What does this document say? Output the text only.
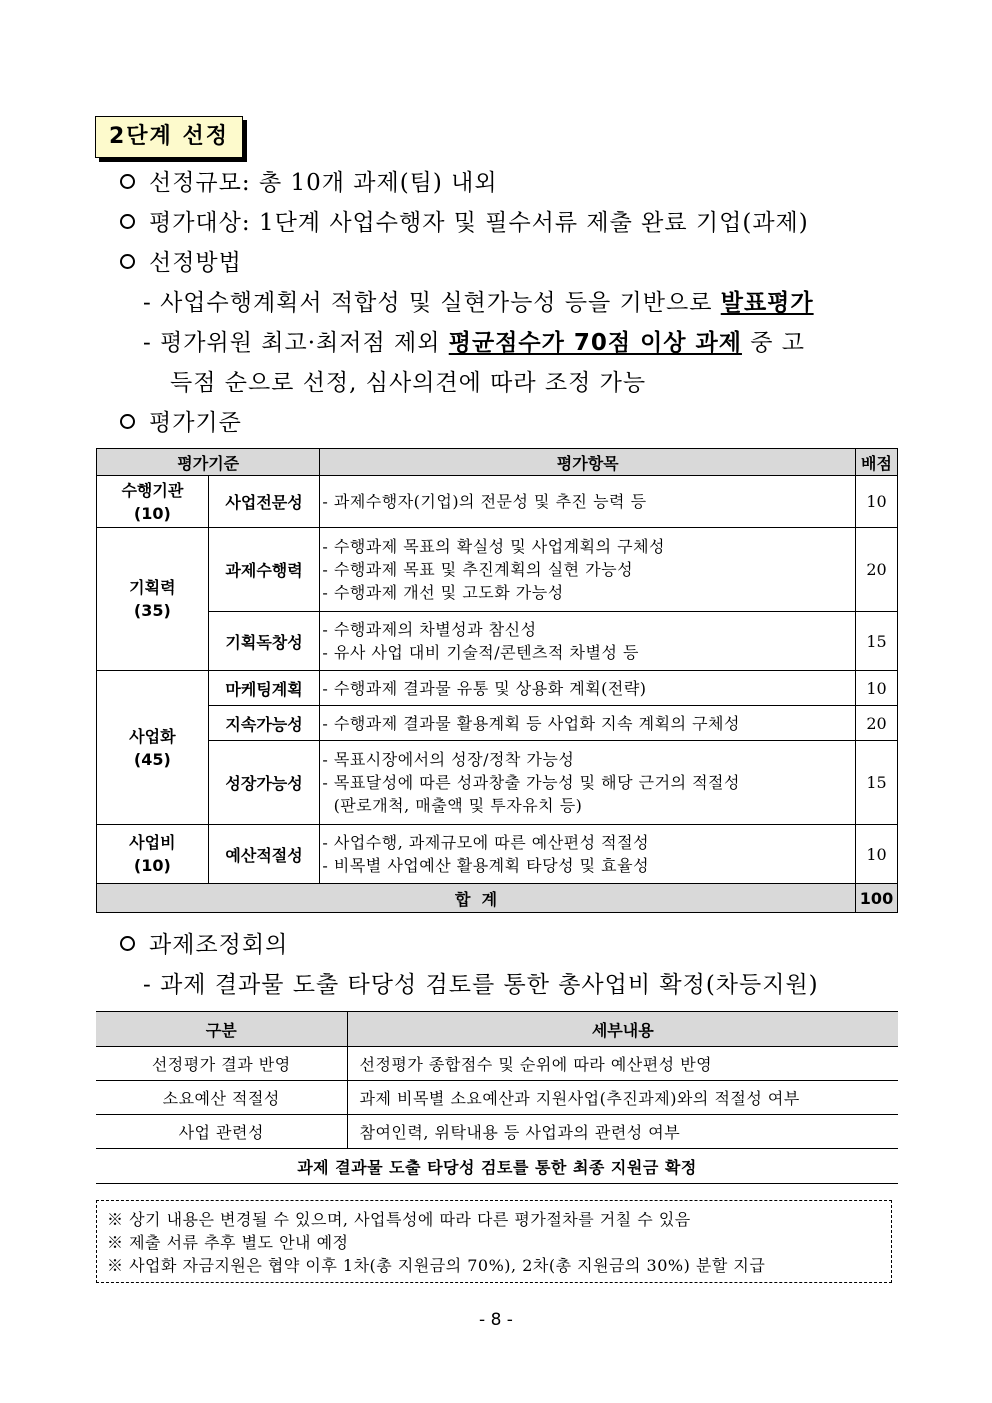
2단계 선정
선정규모: 총 10개 과제(팀) 내외
평가대상: 1단계 사업수행자 및 필수서류 제출 완료 기업(과제)
선정방법
- 사업수행계획서 적합성 및 실현가능성 등을 기반으로 발표평가
- 평가위원 최고·최저점 제외 평균점수가 70점 이상 과제 중 고
득점 순으로 선정, 심사의견에 따라 조정 가능
평가기준
평가기준		평가항목	배점
수행기관
(10)	사업전문성	- 과제수행자(기업)의 전문성 및 추진 능력 등	10
기획력
(35)	과제수행력	- 수행과제 목표의 확실성 및 사업계획의 구체성
- 수행과제 목표 및 추진계획의 실현 가능성
- 수행과제 개선 및 고도화 가능성	20
	기획독창성	- 수행과제의 차별성과 참신성
- 유사 사업 대비 기술적/콘텐츠적 차별성 등	15
사업화
(45)	마케팅계획	- 수행과제 결과물 유통 및 상용화 계획(전략)	10
	지속가능성	- 수행과제 결과물 활용계획 등 사업화 지속 계획의 구체성	20
	성장가능성	- 목표시장에서의 성장/정착 가능성
- 목표달성에 따른 성과창출 가능성 및 해당 근거의 적절성
(판로개척, 매출액 및 투자유치 등)	15
사업비
(10)	예산적절성	- 사업수행, 과제규모에 따른 예산편성 적절성
- 비목별 사업예산 활용계획 타당성 및 효율성	10
합  계			100
과제조정회의
- 과제 결과물 도출 타당성 검토를 통한 총사업비 확정(차등지원)
구분	세부내용
선정평가 결과 반영	선정평가 종합점수 및 순위에 따라 예산편성 반영
소요예산 적절성	과제 비목별 소요예산과 지원사업(추진과제)와의 적절성 여부
사업 관련성	참여인력, 위탁내용 등 사업과의 관련성 여부
과제 결과물 도출 타당성 검토를 통한 최종 지원금 확정	
※ 상기 내용은 변경될 수 있으며, 사업특성에 따라 다른 평가절차를 거칠 수 있음
※ 제출 서류 추후 별도 안내 예정
※ 사업화 자금지원은 협약 이후 1차(총 지원금의 70%), 2차(총 지원금의 30%) 분할 지급
- 8 -
